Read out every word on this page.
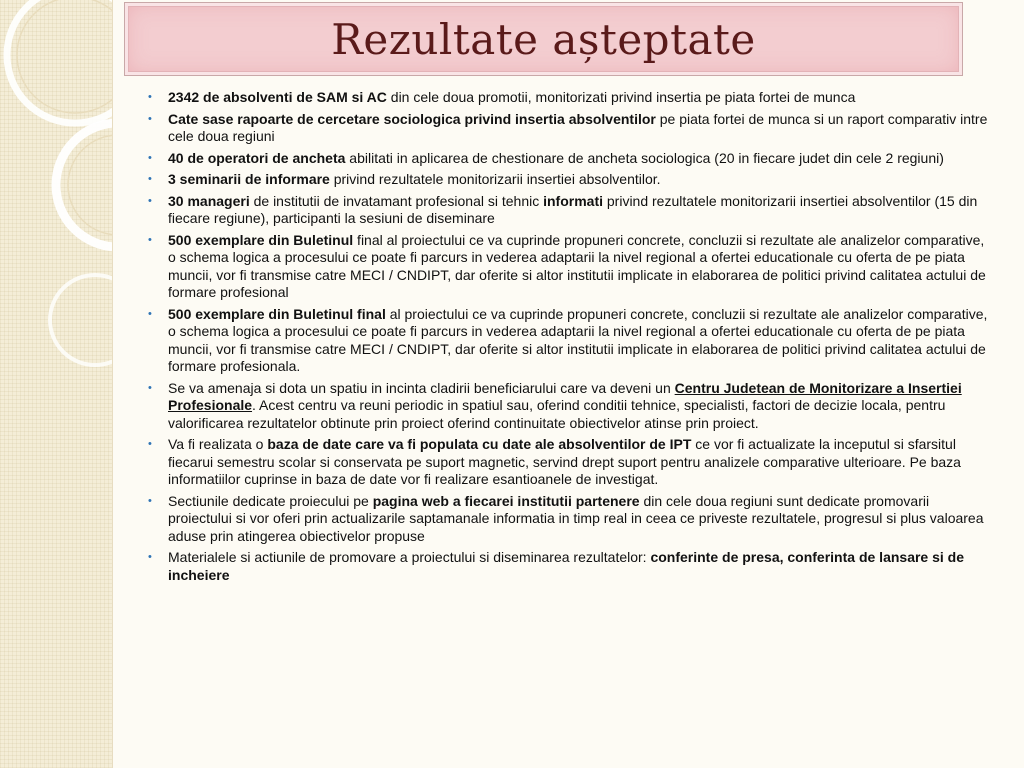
Rezultate așteptate
• 2342 de absolventi de SAM si AC din cele doua promotii, monitorizati privind insertia pe piata fortei de munca
• Cate sase rapoarte de cercetare sociologica privind insertia absolventilor pe piata fortei de munca si un raport comparativ intre cele doua regiuni
• 40 de operatori de ancheta abilitati in aplicarea de chestionare de ancheta sociologica (20 in fiecare judet din cele 2 regiuni)
• 3 seminarii de informare privind rezultatele monitorizarii insertiei absolventilor.
• 30 manageri de institutii de invatamant profesional si tehnic informati privind rezultatele monitorizarii insertiei absolventilor (15 din fiecare regiune), participanti la sesiuni de diseminare
• 500 exemplare din Buletinul final al proiectului ce va cuprinde propuneri concrete, concluzii si rezultate ale analizelor comparative, o schema logica a procesului ce poate fi parcurs in vederea adaptarii la nivel regional a ofertei educationale cu oferta de pe piata muncii, vor fi transmise catre MECI / CNDIPT, dar oferite si altor institutii implicate in elaborarea de politici privind calitatea actului de formare profesional
• 500 exemplare din Buletinul final al proiectului ce va cuprinde propuneri concrete, concluzii si rezultate ale analizelor comparative, o schema logica a procesului ce poate fi parcurs in vederea adaptarii la nivel regional a ofertei educationale cu oferta de pe piata muncii, vor fi transmise catre MECI / CNDIPT, dar oferite si altor institutii implicate in elaborarea de politici privind calitatea actului de formare profesionala.
• Se va amenaja si dota un spatiu in incinta cladirii beneficiarului care va deveni un Centru Judetean de Monitorizare a Insertiei Profesionale. Acest centru va reuni periodic in spatiul sau, oferind conditii tehnice, specialisti, factori de decizie locala, pentru valorificarea rezultatelor obtinute prin proiect oferind continuitate obiectivelor atinse prin proiect.
• Va fi realizata o baza de date care va fi populata cu date ale absolventilor de IPT ce vor fi actualizate la inceputul si sfarsitul fiecarui semestru scolar si conservata pe suport magnetic, servind drept suport pentru analizele comparative ulterioare. Pe baza informatiilor cuprinse in baza de date vor fi realizare esantioanele de investigat.
• Sectiunile dedicate proiecului pe pagina web a fiecarei institutii partenere din cele doua regiuni sunt dedicate promovarii proiectului si vor oferi prin actualizarile saptamanale informatia in timp real in ceea ce priveste rezultatele, progresul si plus valoarea aduse prin atingerea obiectivelor propuse
• Materialele si actiunile de promovare a proiectului si diseminarea rezultatelor: conferinte de presa, conferinta de lansare si de incheiere
